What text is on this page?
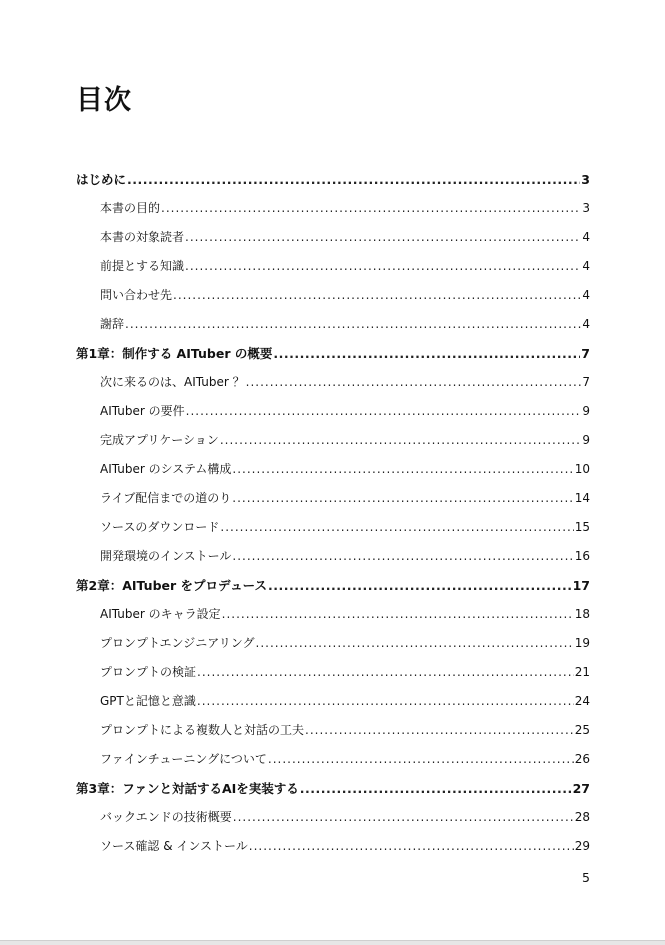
目次
はじめに .....	3
本書の目的 .....	3
本書の対象読者 .....	4
前提とする知識 .....	4
問い合わせ先 .....	4
謝辞 .....	4
第1章：制作する AITuber の概要 .....	7
次に来るのは、AITuber ？ .....	7
AITuber の要件 .....	9
完成アプリケーション .....	9
AITuber のシステム構成 .....	10
ライブ配信までの道のり .....	14
ソースのダウンロード .....	15
開発環境のインストール .....	16
第2章：AITuber をプロデュース .....	17
AITuber のキャラ設定 .....	18
プロンプトエンジニアリング .....	19
プロンプトの検証 .....	21
GPTと記憶と意識 .....	24
プロンプトによる複数人と対話の工夫 .....	25
ファインチューニングについて .....	26
第3章：ファンと対話するAIを実装する .....	27
バックエンドの技術概要 .....	28
ソース確認 & インストール .....	29
5
